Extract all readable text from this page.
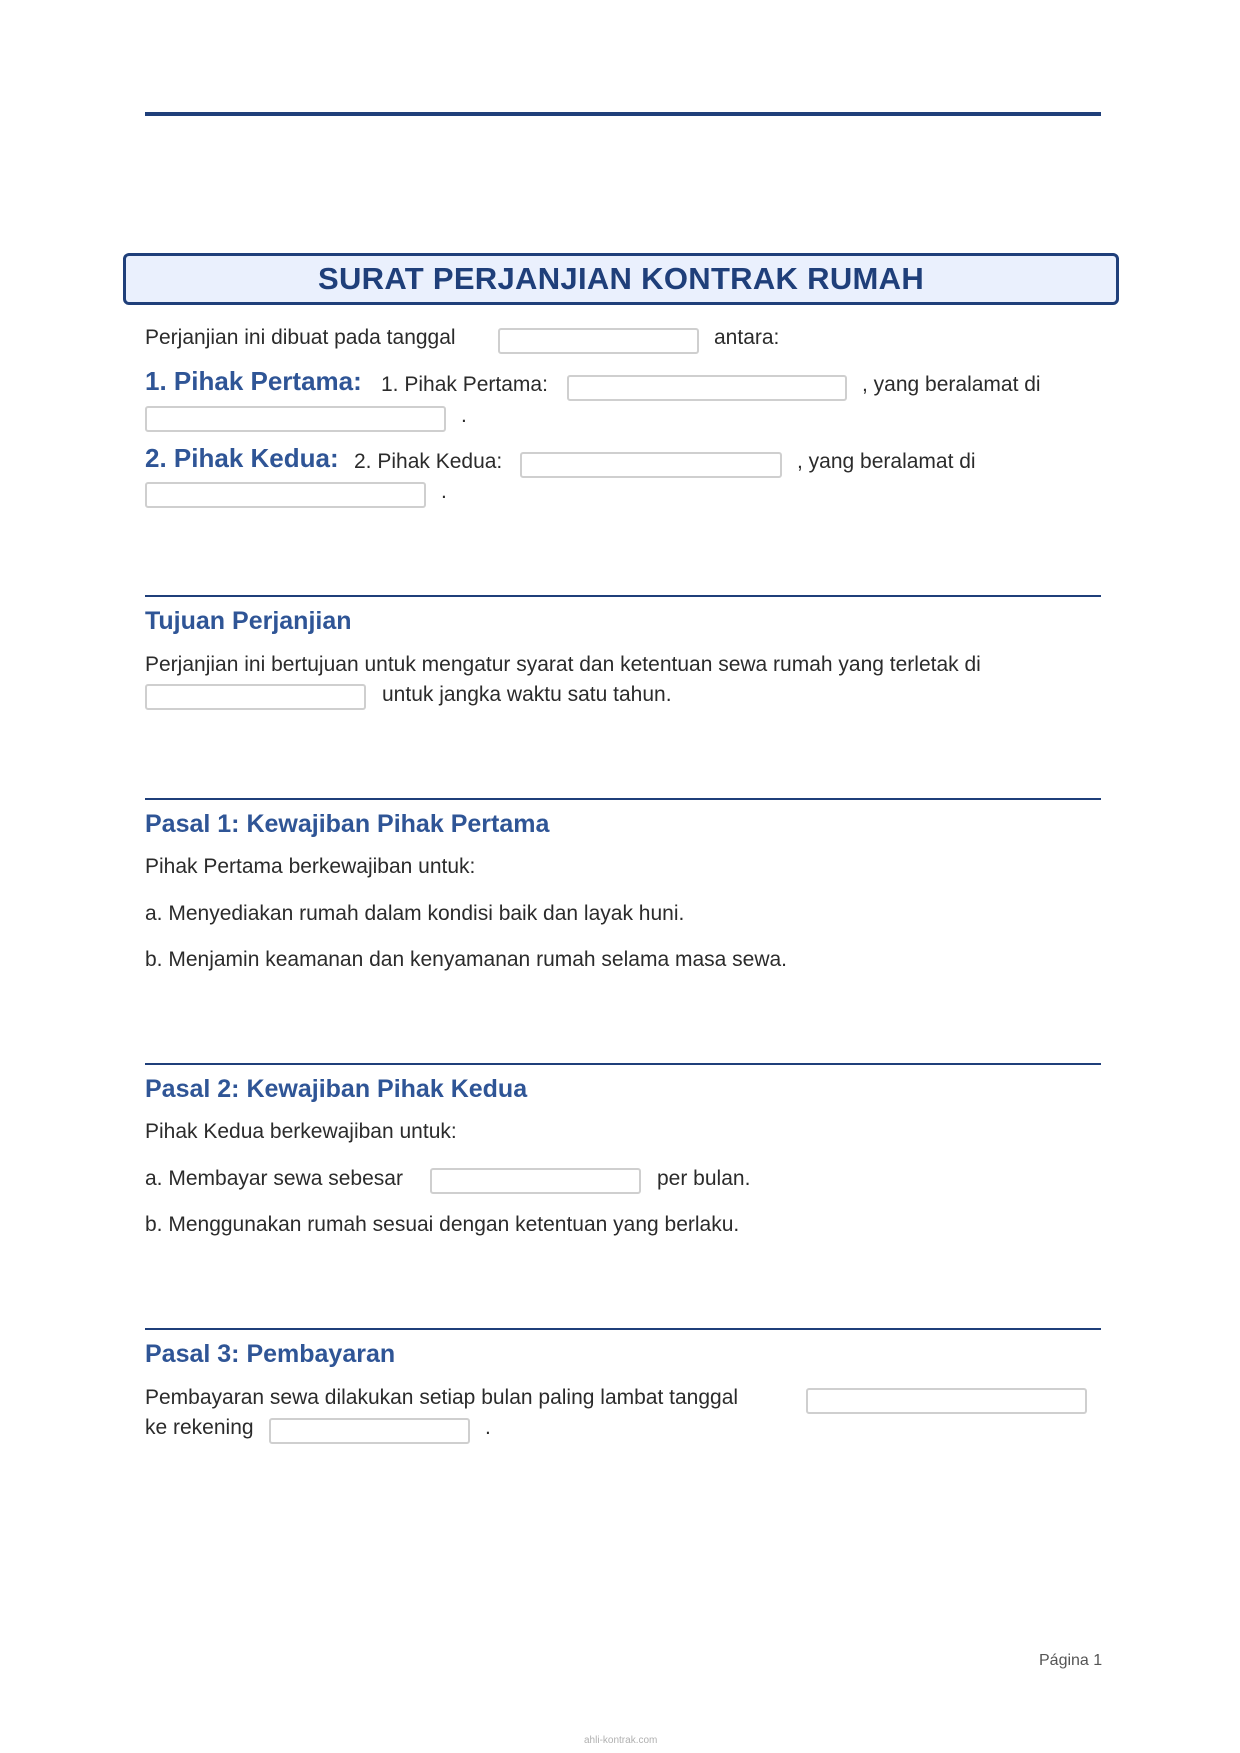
SURAT PERJANJIAN KONTRAK RUMAH
Perjanjian ini dibuat pada tanggal	antara:
1. Pihak Pertama: 1. Pihak Pertama:	, yang beralamat di
.
2. Pihak Kedua: 2. Pihak Kedua:	, yang beralamat di
.
Tujuan Perjanjian
Perjanjian ini bertujuan untuk mengatur syarat dan ketentuan sewa rumah yang terletak di
untuk jangka waktu satu tahun.
Pasal 1: Kewajiban Pihak Pertama
Pihak Pertama berkewajiban untuk:
a. Menyediakan rumah dalam kondisi baik dan layak huni.
b. Menjamin keamanan dan kenyamanan rumah selama masa sewa.
Pasal 2: Kewajiban Pihak Kedua
Pihak Kedua berkewajiban untuk:
a. Membayar sewa sebesar	per bulan.
b. Menggunakan rumah sesuai dengan ketentuan yang berlaku.
Pasal 3: Pembayaran
Pembayaran sewa dilakukan setiap bulan paling lambat tanggal
ke rekening	.
Página 1
ahli-kontrak.com
